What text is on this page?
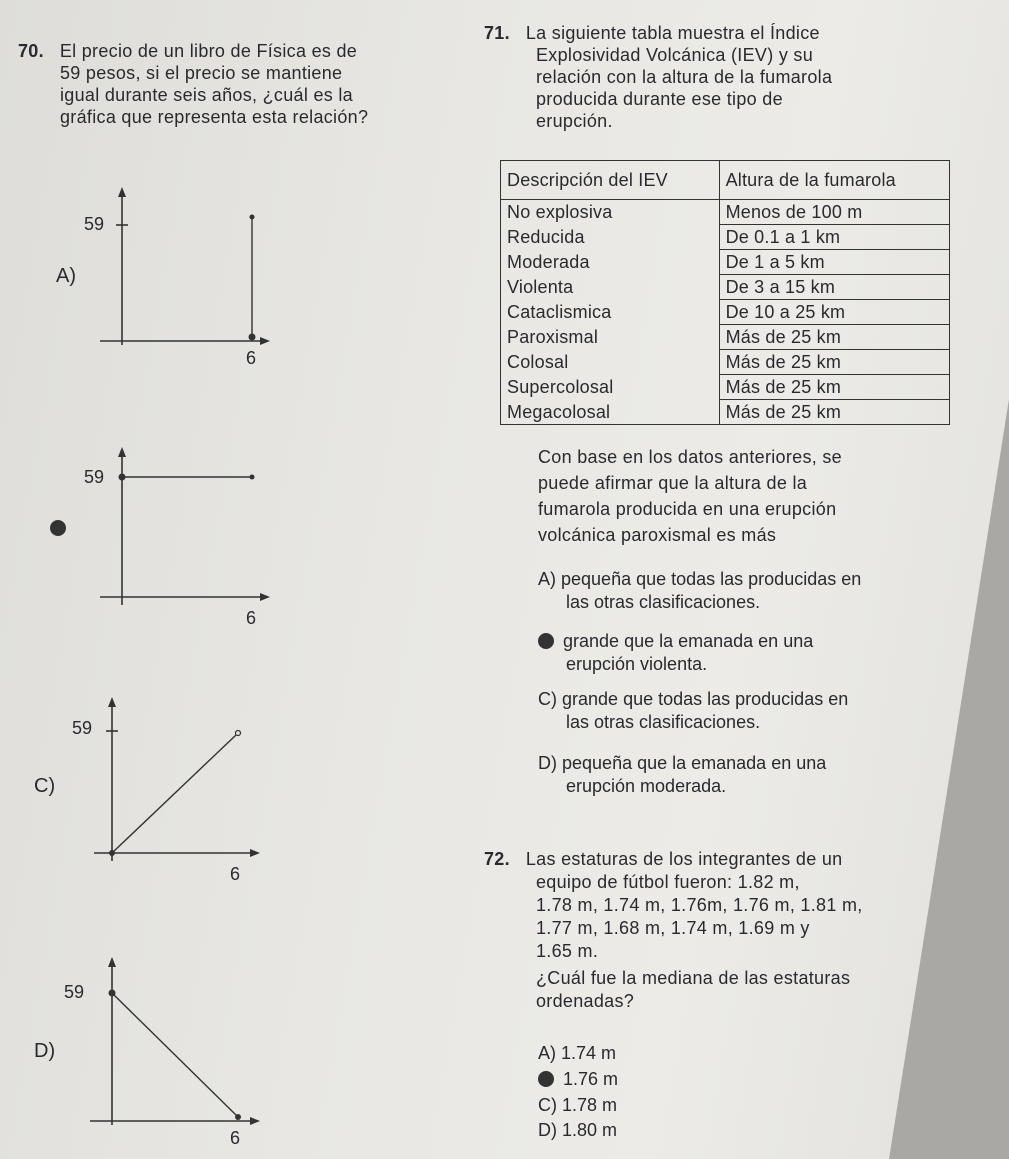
70. El precio de un libro de Física es de

59 pesos, si el precio se mantiene

igual durante seis años, ¿cuál es la

gráfica que representa esta relación?

A)
59
6
59
6
C)
59
6
D)
59
6

71. La siguiente tabla muestra el Índice

Explosividad Volcánica (IEV) y su

relación con la altura de la fumarola

producida durante ese tipo de

erupción.

Descripción del IEV	Altura de la fumarola
No explosiva	Menos de 100 m
Reducida	De 0.1 a 1 km
Moderada	De 1 a 5 km
Violenta	De 3 a 15 km
Cataclismica	De 10 a 25 km
Paroxismal	Más de 25 km
Colosal	Más de 25 km
Supercolosal	Más de 25 km
Megacolosal	Más de 25 km

Con base en los datos anteriores, se

puede afirmar que la altura de la

fumarola producida en una erupción

volcánica paroxismal es más

A) pequeña que todas las producidas en

las otras clasificaciones.

grande que la emanada en una

erupción violenta.

C) grande que todas las producidas en

las otras clasificaciones.

D) pequeña que la emanada en una

erupción moderada.

72. Las estaturas de los integrantes de un

equipo de fútbol fueron: 1.82 m,

1.78 m, 1.74 m, 1.76m, 1.76 m, 1.81 m,

1.77 m, 1.68 m, 1.74 m, 1.69 m y

1.65 m.

¿Cuál fue la mediana de las estaturas

ordenadas?

A) 1.74 m
1.76 m
C) 1.78 m
D) 1.80 m
